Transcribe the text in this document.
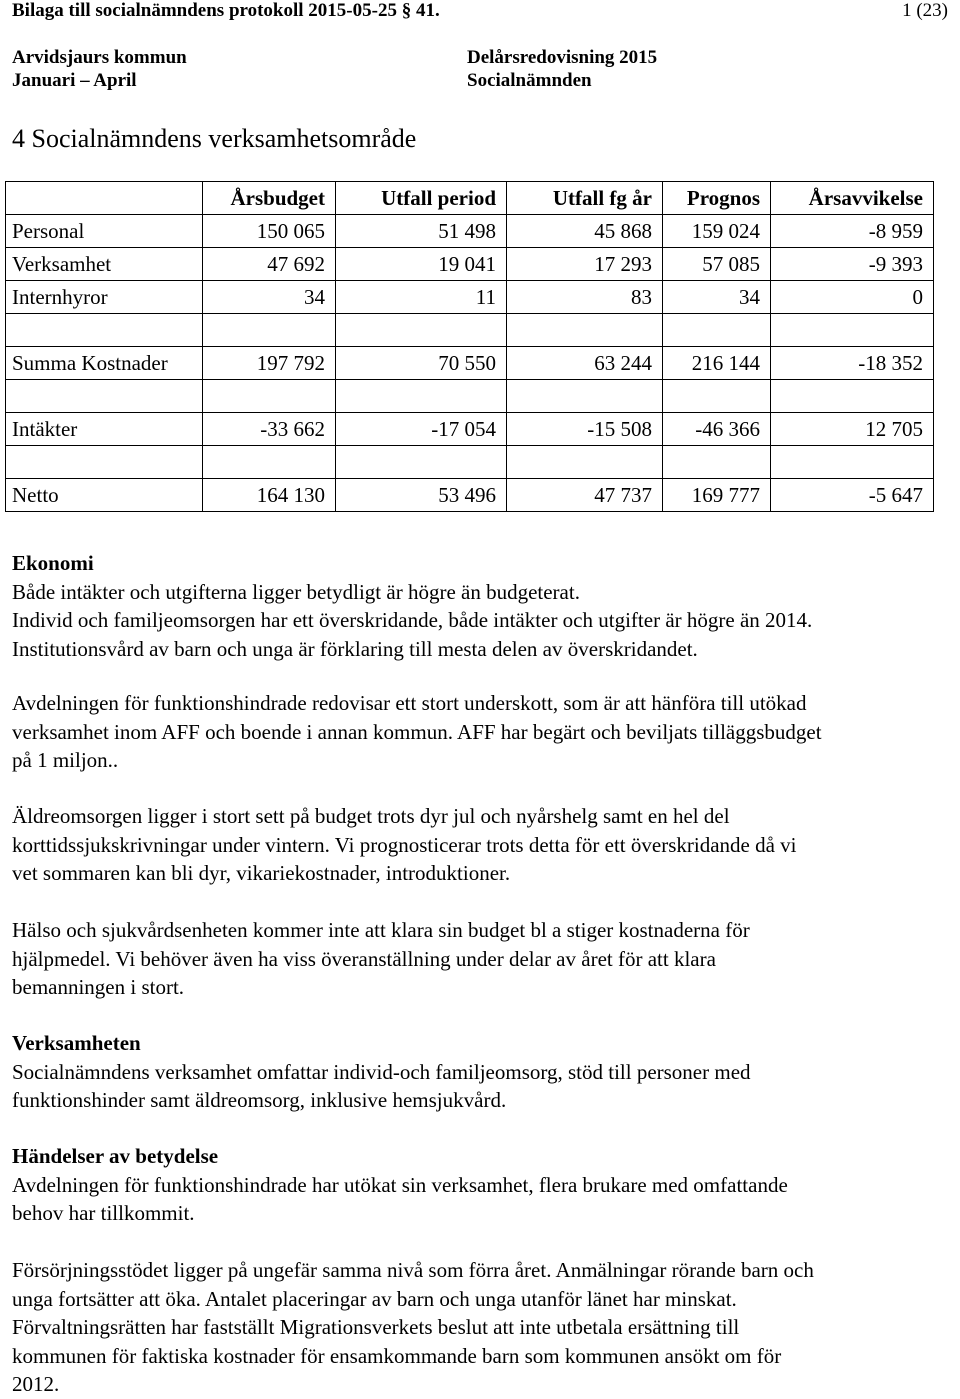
Bilaga till socialnämndens protokoll 2015-05-25 § 41.	1 (23)
Arvidsjaurs kommun
Januari – April
Delårsredovisning 2015
Socialnämnden
4 Socialnämndens verksamhetsområde
	Årsbudget	Utfall period	Utfall fg år	Prognos	Årsavvikelse
Personal	150 065	51 498	45 868	159 024	-8 959
Verksamhet	47 692	19 041	17 293	57 085	-9 393
Internhyror	34	11	83	34	0

Summa Kostnader	197 792	70 550	63 244	216 144	-18 352

Intäkter	-33 662	-17 054	-15 508	-46 366	12 705

Netto	164 130	53 496	47 737	169 777	-5 647

Ekonomi

Både intäkter och utgifterna ligger betydligt är högre än budgeterat.

Individ och familjeomsorgen har ett överskridande, både intäkter och utgifter är högre än 2014.

Institutionsvård av barn och unga är förklaring till mesta delen av överskridandet.

Avdelningen för funktionshindrade redovisar ett stort underskott, som är att hänföra till utökad

verksamhet inom AFF och boende i annan kommun. AFF har begärt och beviljats tilläggsbudget

på 1 miljon..

Äldreomsorgen ligger i stort sett på budget trots dyr jul och nyårshelg samt en hel del

korttidssjukskrivningar under vintern. Vi prognosticerar trots detta för ett överskridande då vi

vet sommaren kan bli dyr, vikariekostnader, introduktioner.

Hälso och sjukvårdsenheten kommer inte att klara sin budget bl a stiger kostnaderna för

hjälpmedel. Vi behöver även ha viss överanställning under delar av året för att klara

bemanningen i stort.

Verksamheten

Socialnämndens verksamhet omfattar individ-och familjeomsorg, stöd till personer med

funktionshinder samt äldreomsorg, inklusive hemsjukvård.

Händelser av betydelse

Avdelningen för funktionshindrade har utökat sin verksamhet, flera brukare med omfattande

behov har tillkommit.

Försörjningsstödet ligger på ungefär samma nivå som förra året. Anmälningar rörande barn och

unga fortsätter att öka. Antalet placeringar av barn och unga utanför länet har minskat.

Förvaltningsrätten har fastställt Migrationsverkets beslut att inte utbetala ersättning till

kommunen för faktiska kostnader för ensamkommande barn som kommunen ansökt om för

2012.
